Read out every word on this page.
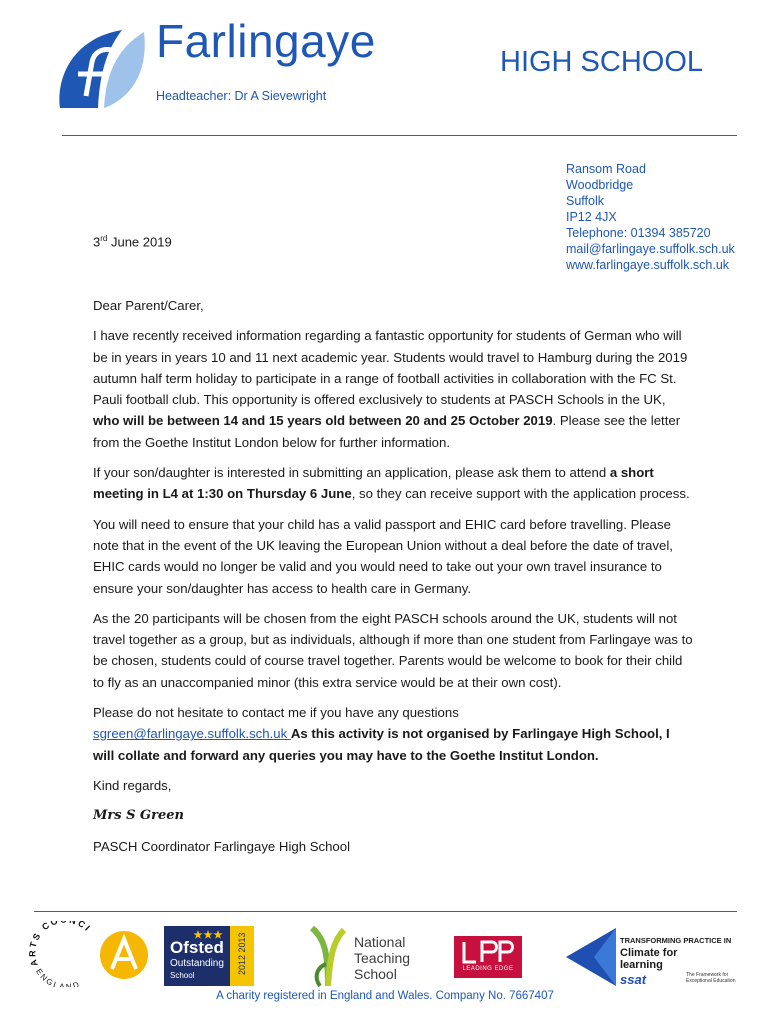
Farlingaye	HIGH SCHOOL
Headteacher: Dr A Sievewright
Ransom Road
Woodbridge
Suffolk
IP12 4JX
Telephone: 01394 385720
mail@farlingaye.suffolk.sch.uk
www.farlingaye.suffolk.sch.uk
3rd June 2019

Dear Parent/Carer,

I have recently received information regarding a fantastic opportunity for students of German who will be in years in years 10 and 11 next academic year. Students would travel to Hamburg during the 2019 autumn half term holiday to participate in a range of football activities in collaboration with the FC St. Pauli football club. This opportunity is offered exclusively to students at PASCH Schools in the UK, who will be between 14 and 15 years old between 20 and 25 October 2019. Please see the letter from the Goethe Institut London below for further information.

If your son/daughter is interested in submitting an application, please ask them to attend a short meeting in L4 at 1:30 on Thursday 6 June, so they can receive support with the application process.

You will need to ensure that your child has a valid passport and EHIC card before travelling. Please note that in the event of the UK leaving the European Union without a deal before the date of travel, EHIC cards would no longer be valid and you would need to take out your own travel insurance to ensure your son/daughter has access to health care in Germany.

As the 20 participants will be chosen from the eight PASCH schools around the UK, students will not travel together as a group, but as individuals, although if more than one student from Farlingaye was to be chosen, students could of course travel together. Parents would be welcome to book for their child to fly as an unaccompanied minor (this extra service would be at their own cost).

Please do not hesitate to contact me if you have any questions
sgreen@farlingaye.suffolk.sch.uk As this activity is not organised by Farlingaye High School, I will collate and forward any queries you may have to the Goethe Institut London.

Kind regards,

Mrs S Green

PASCH Coordinator Farlingaye High School

ARTS CO CI
ENGLAND
Ofsted
Outstanding
School
2012 2013	National
Teaching
School	LEADING EDGE
TRANSFORMING PRACTICE IN
Climate for
learning
ssat	The Framework for Exceptional Education
A charity registered in England and Wales. Company No. 7667407
